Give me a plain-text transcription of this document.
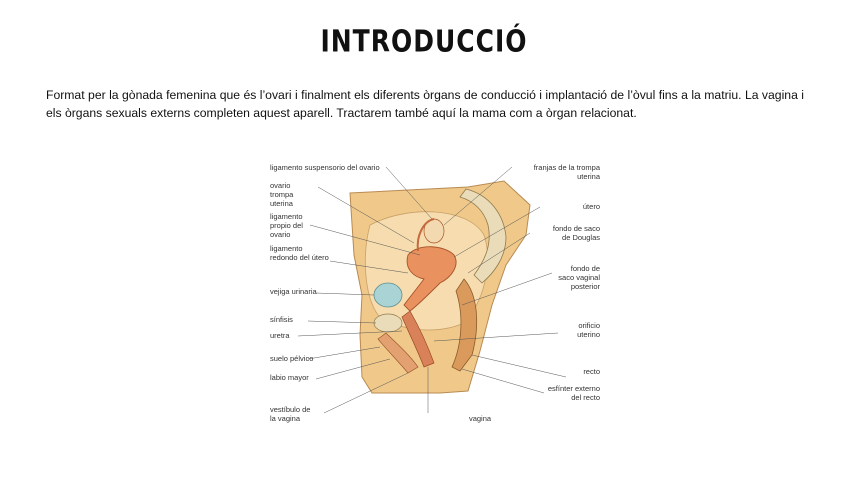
INTRODUCCIÓ
Format per la gònada femenina que és l’ovari i finalment els diferents òrgans de conducció i implantació de l’òvul fins a la matriu. La vagina i els òrgans sexuals externs completen aquest aparell. Tractarem també aquí la mama com a òrgan relacionat.
ligamento suspensorio del ovario
ovario
trompa
uterina
ligamento
propio del
ovario
ligamento
redondo del útero
vejiga urinaria
sínfisis
uretra
suelo pélvico
labio mayor
vestíbulo de
la vagina
franjas de la trompa
uterina
útero
fondo de saco
de Douglas
fondo de
saco vaginal
posterior
orificio
uterino
recto
esfínter externo
del recto
vagina
